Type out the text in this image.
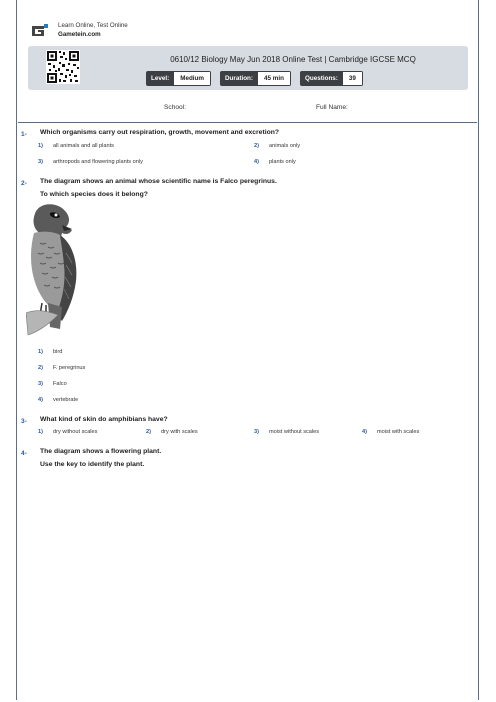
Learn Online, Test Online
Gametein.com
0610/12 Biology May Jun 2018 Online Test | Cambridge IGCSE MCQ
Level:	Medium	Duration:	45 min	Questions:	39
School:	Full Name:
1- Which organisms carry out respiration, growth, movement and excretion?
1) all animals and all plants	2) animals only
3) arthropods and flowering plants only	4) plants only
2- The diagram shows an animal whose scientific name is Falco peregrinus.
To which species does it belong?
1) bird
2) F. peregrinus
3) Falco
4) vertebrate
3- What kind of skin do amphibians have?
1) dry without scales	2) dry with scales	3) moist without scales	4) moist with scales
4- The diagram shows a flowering plant.
Use the key to identify the plant.
